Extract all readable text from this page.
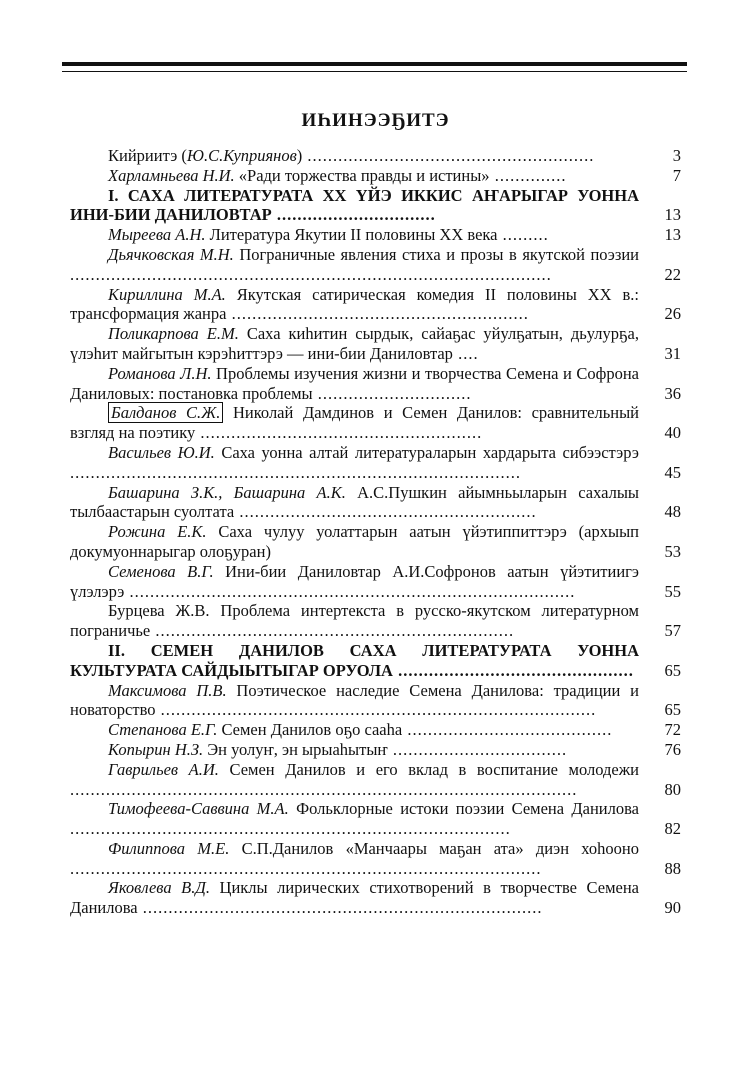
ИҺИНЭЭҔИТЭ
Кийриитэ (Ю.С.Куприянов) ........................................................	3
Харламньева Н.И. «Ради торжества правды и истины» ..............	7
I. САХА ЛИТЕРАТУРАТА XX ҮЙЭ ИККИС АҤАРЫГАР УОННА ИНИ-БИИ ДАНИЛОВТАР ...............................	13
Мыреева А.Н. Литература Якутии II половины XX века .........	13
Дьячковская М.Н. Пограничные явления стиха и прозы в якутской поэзии ..............................................................................................	22
Кириллина М.А. Якутская сатирическая комедия II половины XX в.: трансформация жанра ..........................................................	26
Поликарпова Е.М. Саха киһитин сырдык, сайаҕас уйулҕатын, дьулурҕа, үлэһит майгытын кэрэһиттэрэ — ини-бии Даниловтар ....	31
Романова Л.Н. Проблемы изучения жизни и творчества Семена и Софрона Даниловых: постановка проблемы ..............................	36
Балданов С.Ж. Николай Дамдинов и Семен Данилов: сравнительный взгляд на поэтику .......................................................	40
Васильев Ю.И. Саха уонна алтай литератураларын хардарыта сибээстэрэ ........................................................................................	45
Башарина З.К., Башарина А.К. А.С.Пушкин айымньыларын сахалыы тылбаастарын суолтата ..........................................................	48
Рожина Е.К. Саха чулуу уолаттарын аатын үйэтиппиттэрэ (архыып докумуоннарыгар олоҕуран)	53
Семенова В.Г. Ини-бии Даниловтар А.И.Софронов аатын үйэтитиигэ үлэлэрэ .......................................................................................	55
Бурцева Ж.В. Проблема интертекста в русско-якутском литературном пограничье ......................................................................	57
II. СЕМЕН ДАНИЛОВ САХА ЛИТЕРАТУРАТА УОННА КУЛЬТУРАТА САЙДЫЫТЫГАР ОРУОЛА ..............................................	65
Максимова П.В. Поэтическое наследие Семена Данилова: традиции и новаторство .....................................................................................	65
Степанова Е.Г. Семен Данилов оҕо сааһа ........................................	72
Копырин Н.З. Эн уолуҥ, эн ырыаһытыҥ ..................................	76
Гаврильев А.И. Семен Данилов и его вклад в воспитание молодежи ...................................................................................................	80
Тимофеева-Саввина М.А. Фольклорные истоки поэзии Семена Данилова ......................................................................................	82
Филиппова М.Е. С.П.Данилов «Манчаары маҕан ата» диэн хоһооно ............................................................................................	88
Яковлева В.Д. Циклы лирических стихотворений в творчестве Семена Данилова ..............................................................................	90
